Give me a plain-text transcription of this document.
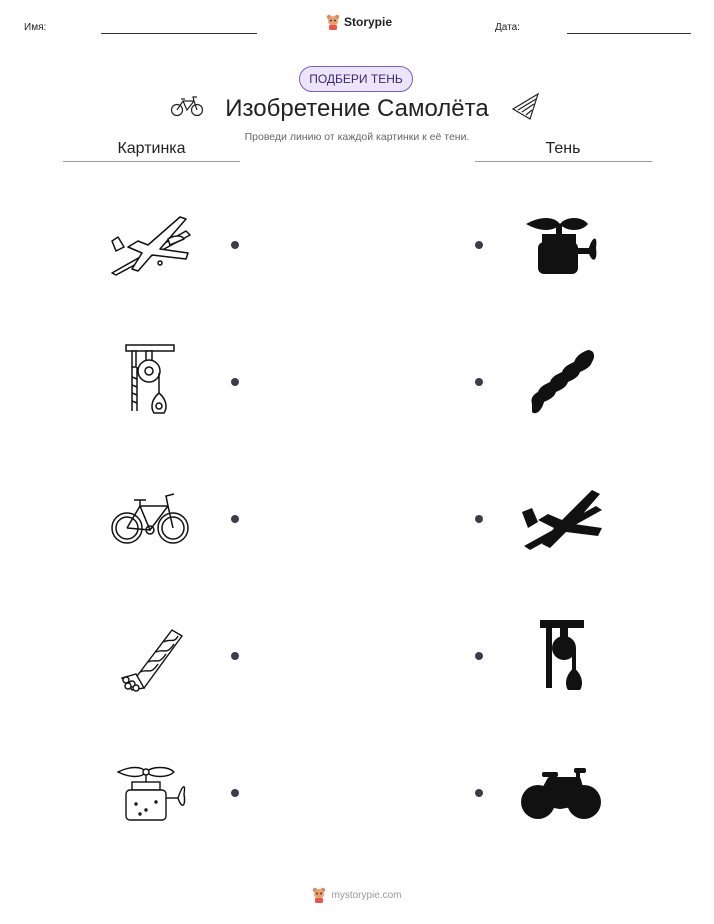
Имя:	Storypie	Дата:
ПОДБЕРИ ТЕНЬ
Изобретение Самолёта
Проведи линию от каждой картинки к её тени.
Картинка	Тень
mystorypie.com
